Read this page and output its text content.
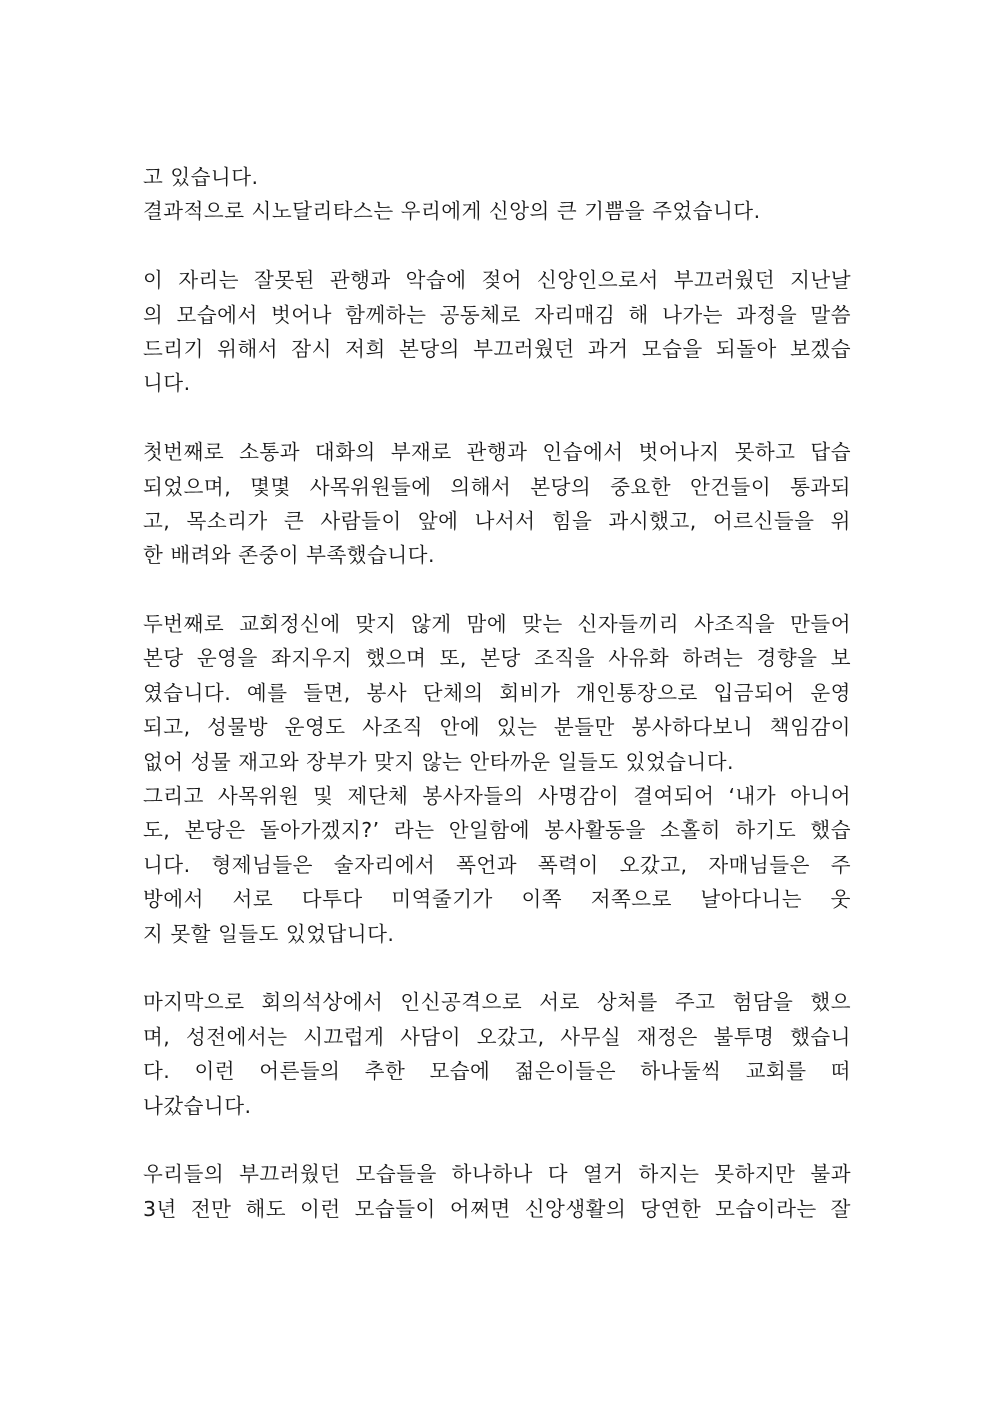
고 있습니다.
결과적으로 시노달리타스는 우리에게 신앙의 큰 기쁨을 주었습니다.
이 자리는 잘못된 관행과 악습에 젖어 신앙인으로서 부끄러웠던 지난날
의 모습에서 벗어나 함께하는 공동체로 자리매김 해 나가는 과정을 말씀
드리기 위해서 잠시 저희 본당의 부끄러웠던 과거 모습을 되돌아 보겠습
니다.
첫번째로 소통과 대화의 부재로 관행과 인습에서 벗어나지 못하고 답습
되었으며, 몇몇 사목위원들에 의해서 본당의 중요한 안건들이 통과되
고, 목소리가 큰 사람들이 앞에 나서서 힘을 과시했고, 어르신들을 위
한 배려와 존중이 부족했습니다.
두번째로 교회정신에 맞지 않게 맘에 맞는 신자들끼리 사조직을 만들어
본당 운영을 좌지우지 했으며 또, 본당 조직을 사유화 하려는 경향을 보
였습니다. 예를 들면, 봉사 단체의 회비가 개인통장으로 입금되어 운영
되고, 성물방 운영도 사조직 안에 있는 분들만 봉사하다보니 책임감이
없어 성물 재고와 장부가 맞지 않는 안타까운 일들도 있었습니다.
그리고 사목위원 및 제단체 봉사자들의 사명감이 결여되어 ‘내가 아니어
도, 본당은 돌아가겠지?’ 라는 안일함에 봉사활동을 소홀히 하기도 했습
니다. 형제님들은 술자리에서 폭언과 폭력이 오갔고, 자매님들은 주
방에서 서로 다투다 미역줄기가 이쪽 저쪽으로 날아다니는 웃
지 못할 일들도 있었답니다.
마지막으로 회의석상에서 인신공격으로 서로 상처를 주고 험담을 했으
며, 성전에서는 시끄럽게 사담이 오갔고, 사무실 재정은 불투명 했습니
다. 이런 어른들의 추한 모습에 젊은이들은 하나둘씩 교회를 떠
나갔습니다.
우리들의 부끄러웠던 모습들을 하나하나 다 열거 하지는 못하지만 불과
3년 전만 해도 이런 모습들이 어쩌면 신앙생활의 당연한 모습이라는 잘
